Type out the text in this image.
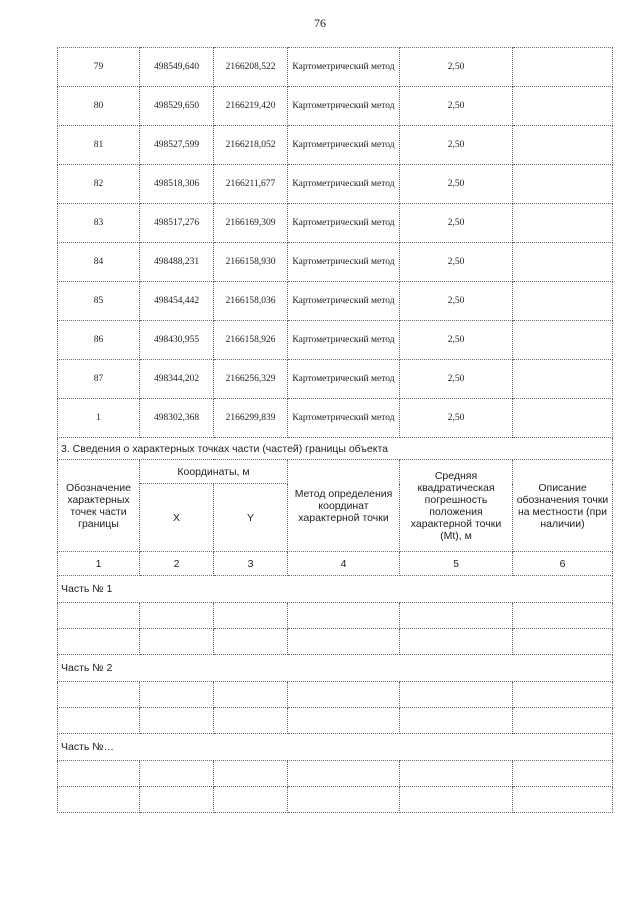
76
79	498549,640	2166208,522	Картометрический метод	2,50	
80	498529,650	2166219,420	Картометрический метод	2,50	
81	498527,599	2166218,052	Картометрический метод	2,50	
82	498518,306	2166211,677	Картометрический метод	2,50	
83	498517,276	2166169,309	Картометрический метод	2,50	
84	498488,231	2166158,930	Картометрический метод	2,50	
85	498454,442	2166158,036	Картометрический метод	2,50	
86	498430,955	2166158,926	Картометрический метод	2,50	
87	498344,202	2166256,329	Картометрический метод	2,50	
1	498302,368	2166299,839	Картометрический метод	2,50	
3. Сведения о характерных точках части (частей) границы объекта					
Обозначение характерных точек части границы	Координаты, м		Метод определения координат характерной точки	Средняя квадратическая погрешность положения характерной точки (Mt), м	Описание обозначения точки на местности (при наличии)
	X	Y			
1	2	3	4	5	6
Часть № 1					

Часть № 2					

Часть №…					
